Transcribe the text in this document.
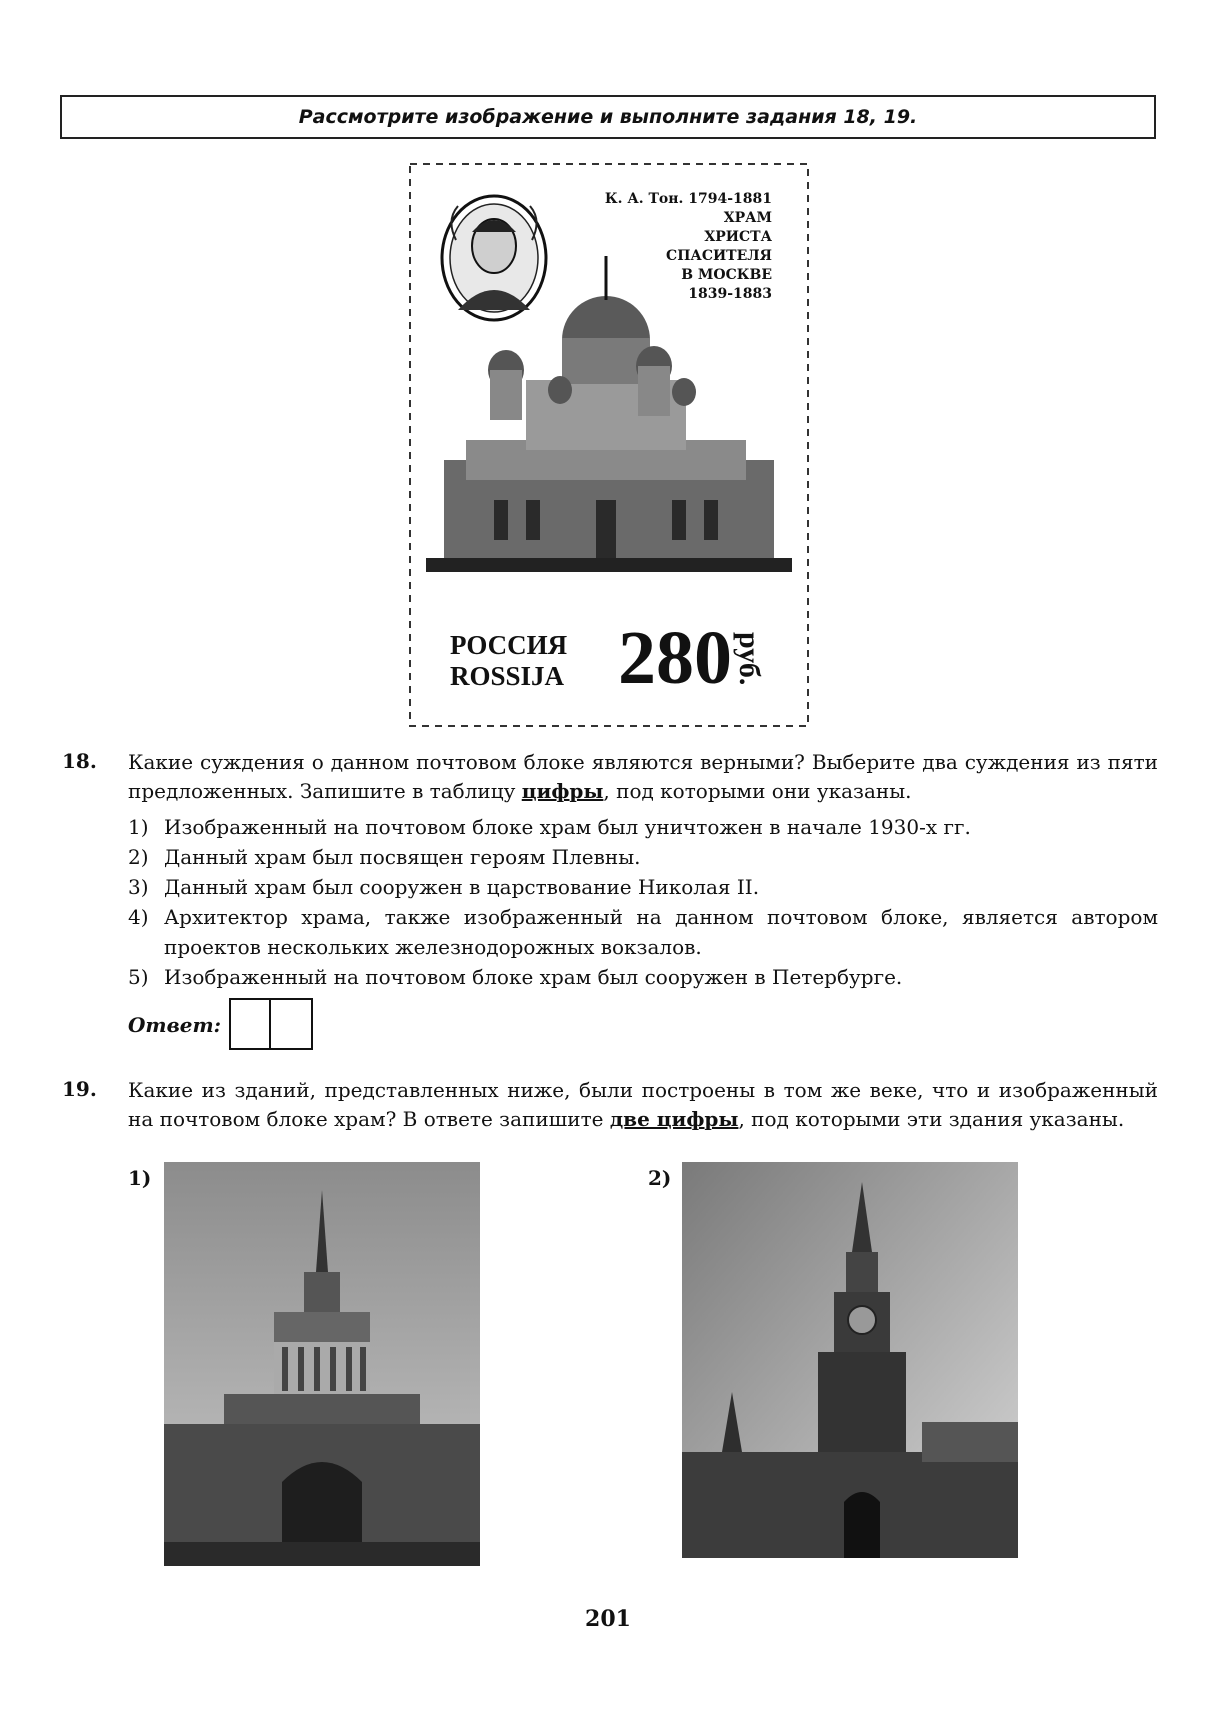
Рассмотрите изображение и выполните задания 18, 19.
К. А. Тон. 1794-1881
ХРАМ
ХРИСТА
СПАСИТЕЛЯ
В МОСКВЕ
1839-1883
РОССИЯ
ROSSIJA 280 руб.
18. Какие суждения о данном почтовом блоке являются верными? Выберите два суждения из пяти предложенных. Запишите в таблицу цифры, под которыми они указаны.
1) Изображенный на почтовом блоке храм был уничтожен в начале 1930-х гг.
2) Данный храм был посвящен героям Плевны.
3) Данный храм был сооружен в царствование Николая II.
4) Архитектор храма, также изображенный на данном почтовом блоке, является автором проектов нескольких железнодорожных вокзалов.
5) Изображенный на почтовом блоке храм был сооружен в Петербурге.
Ответ:
19. Какие из зданий, представленных ниже, были построены в том же веке, что и изображенный на почтовом блоке храм? В ответе запишите две цифры, под которыми эти здания указаны.
1)	2)
201
